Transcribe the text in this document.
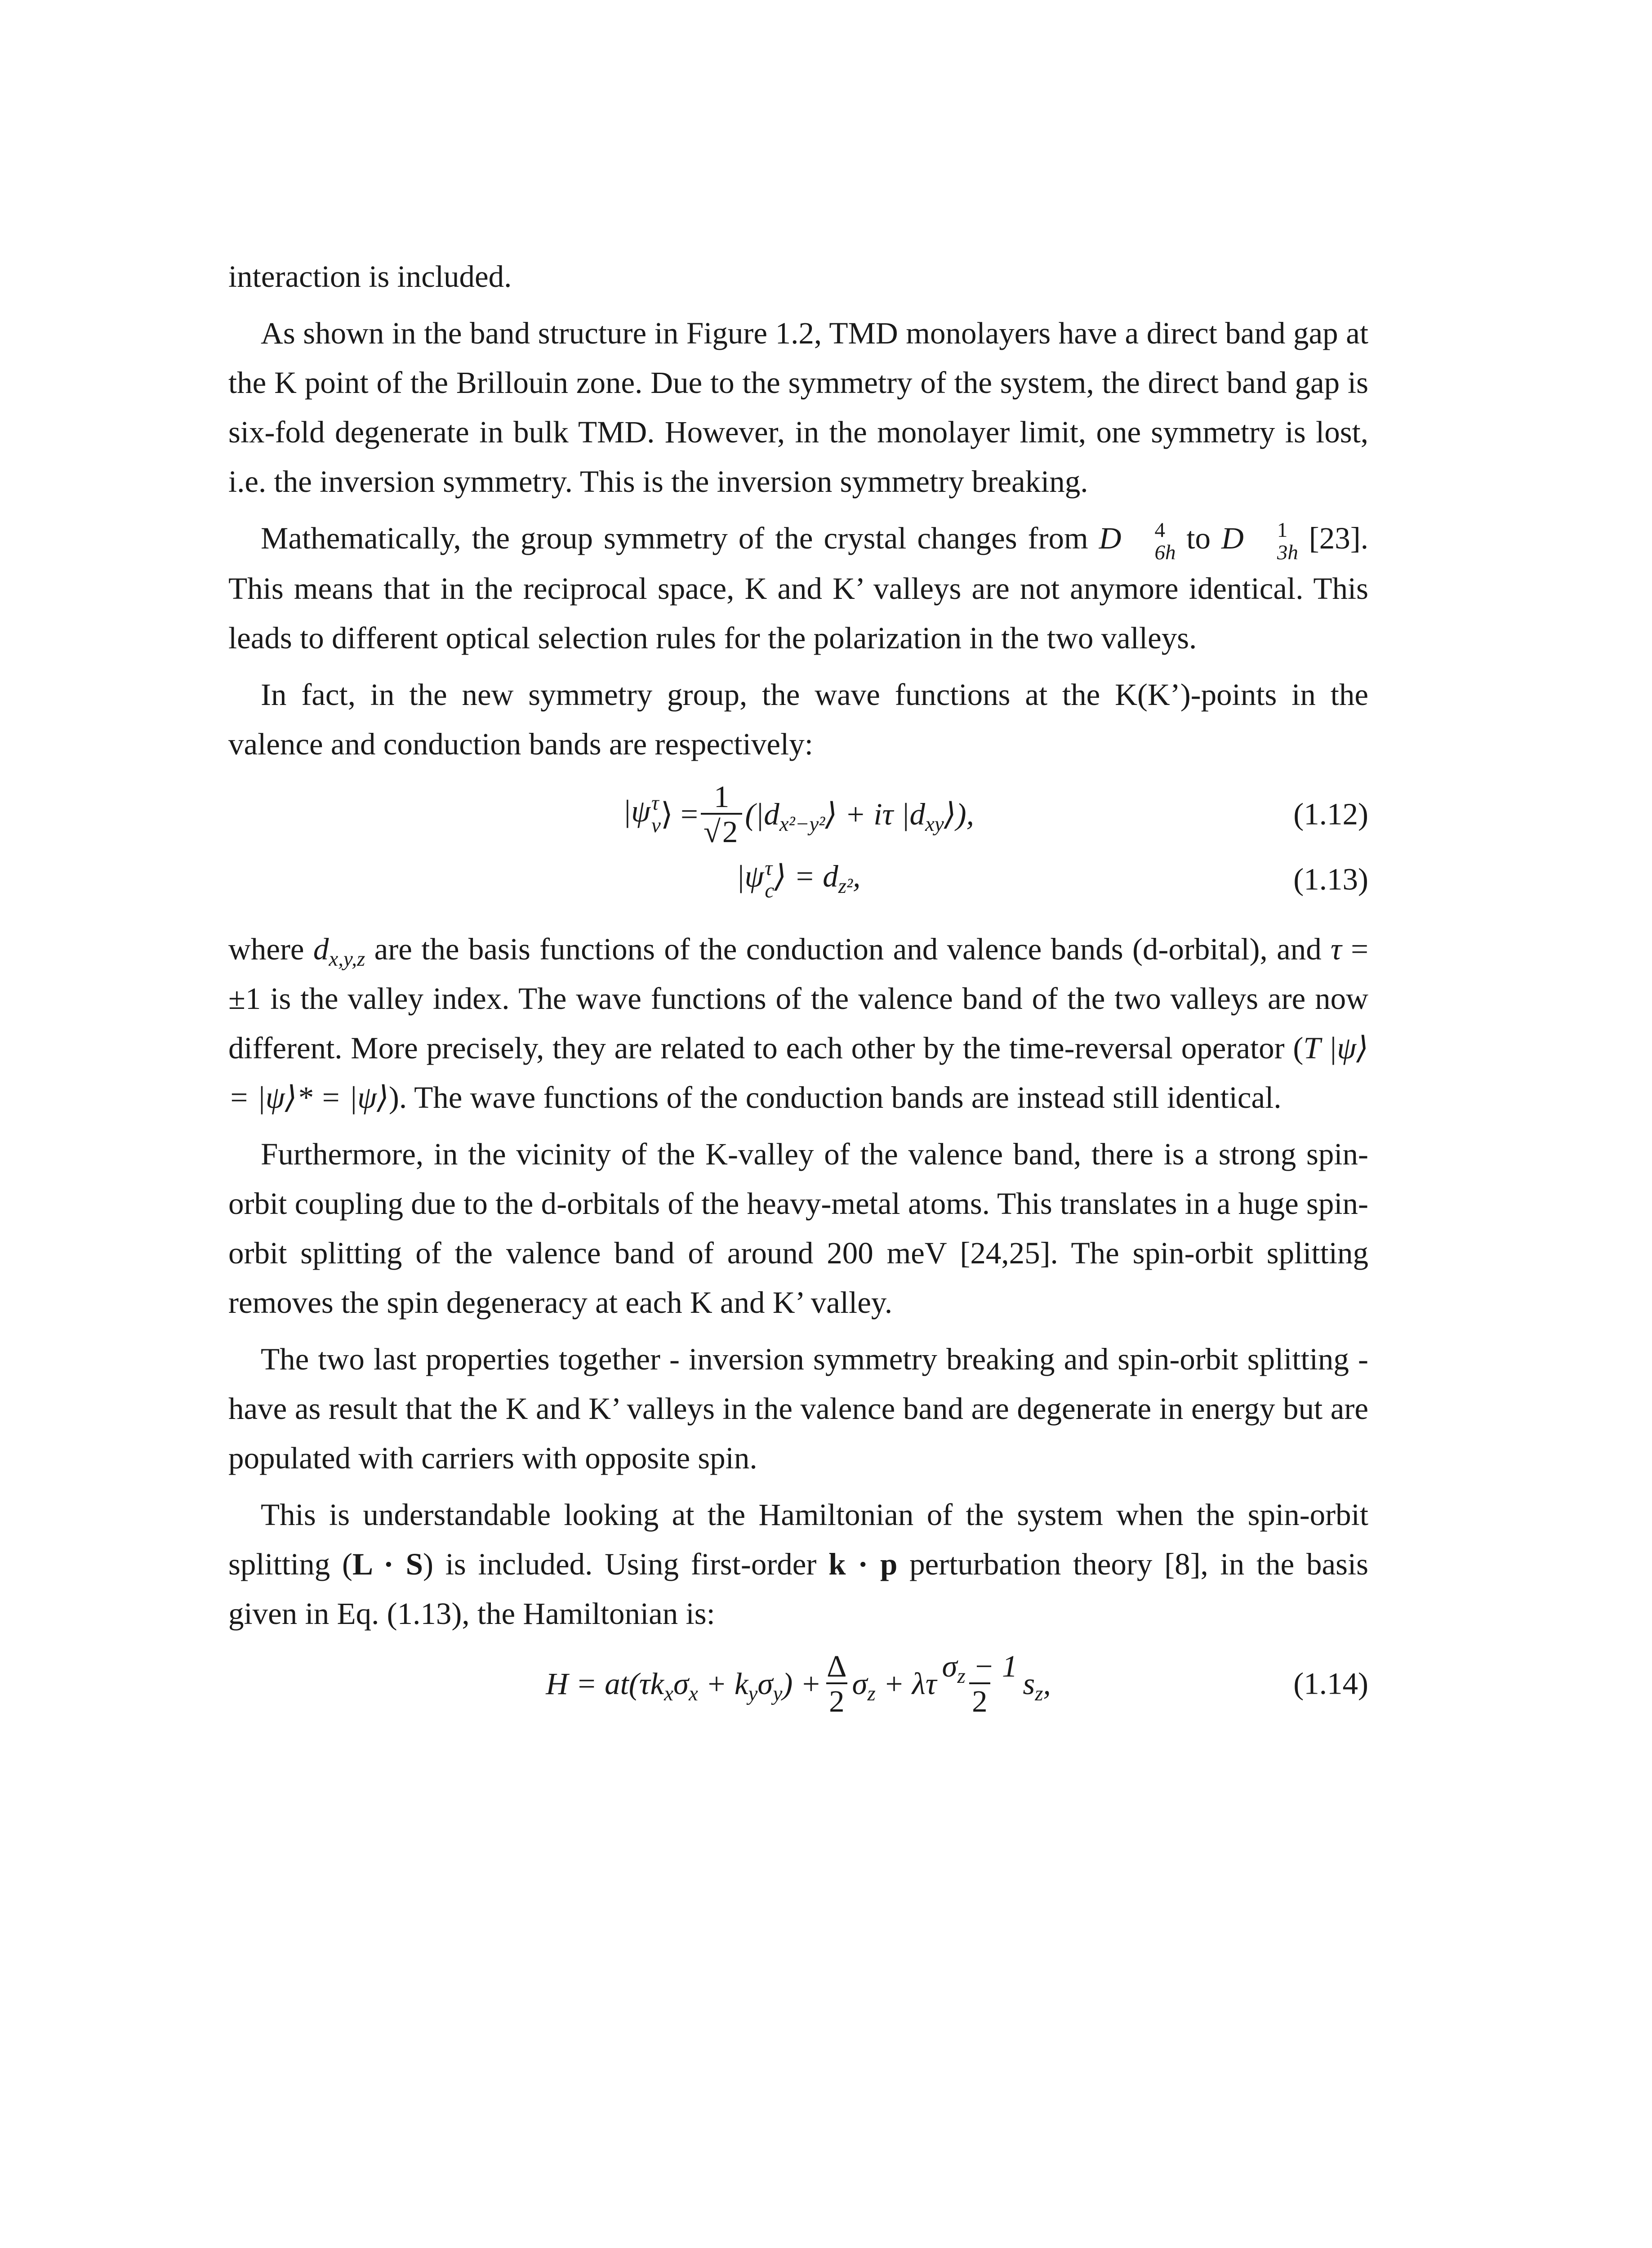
interaction is included.

As shown in the band structure in Figure 1.2, TMD monolayers have a direct band gap at the K point of the Brillouin zone. Due to the symmetry of the system, the direct band gap is six-fold degenerate in bulk TMD. However, in the monolayer limit, one symmetry is lost, i.e. the inversion symmetry. This is the inversion symmetry breaking.

Mathematically, the group symmetry of the crystal changes from D	4
6h to D	1
3h [23]. This means that in the reciprocal space, K and K’ valleys are not anymore identical. This leads to different optical selection rules for the polarization in the two valleys.

In fact, in the new symmetry group, the wave functions at the K(K’)-points in the valence and conduction bands are respectively:

|ψ τ
v ⟩ = $\frac{1}{√2}$ ($|d_{x^2-y^2}⟩ + i\tau$ $|d_{xy}⟩$),	(1.12)
|ψ τ
c ⟩ = $d_{z^2}$,	(1.13)

where $d_{x,y,z}$ are the basis functions of the conduction and valence bands (d-orbital), and τ = ±1 is the valley index. The wave functions of the valence band of the two valleys are now different. More precisely, they are related to each other by the time-reversal operator (T |ψ⟩ = |ψ⟩* = |ψ⟩). The wave functions of the conduction bands are instead still identical.

Furthermore, in the vicinity of the K-valley of the valence band, there is a strong spin-orbit coupling due to the d-orbitals of the heavy-metal atoms. This translates in a huge spin-orbit splitting of the valence band of around 200 meV [24,25]. The spin-orbit splitting removes the spin degeneracy at each K and K’ valley.

The two last properties together - inversion symmetry breaking and spin-orbit splitting - have as result that the K and K’ valleys in the valence band are degenerate in energy but are populated with carriers with opposite spin.

This is understandable looking at the Hamiltonian of the system when the spin-orbit splitting (L · S) is included. Using first-order k · p perturbation theory [8], in the basis given in Eq. (1.13), the Hamiltonian is:

$H = at(\tau k_x\sigma_x + k_y\sigma_y) + \frac{\Delta}{2} \sigma_z + \lambda\tau \frac{\sigma_z - 1}{2} s_z$,	(1.14)
